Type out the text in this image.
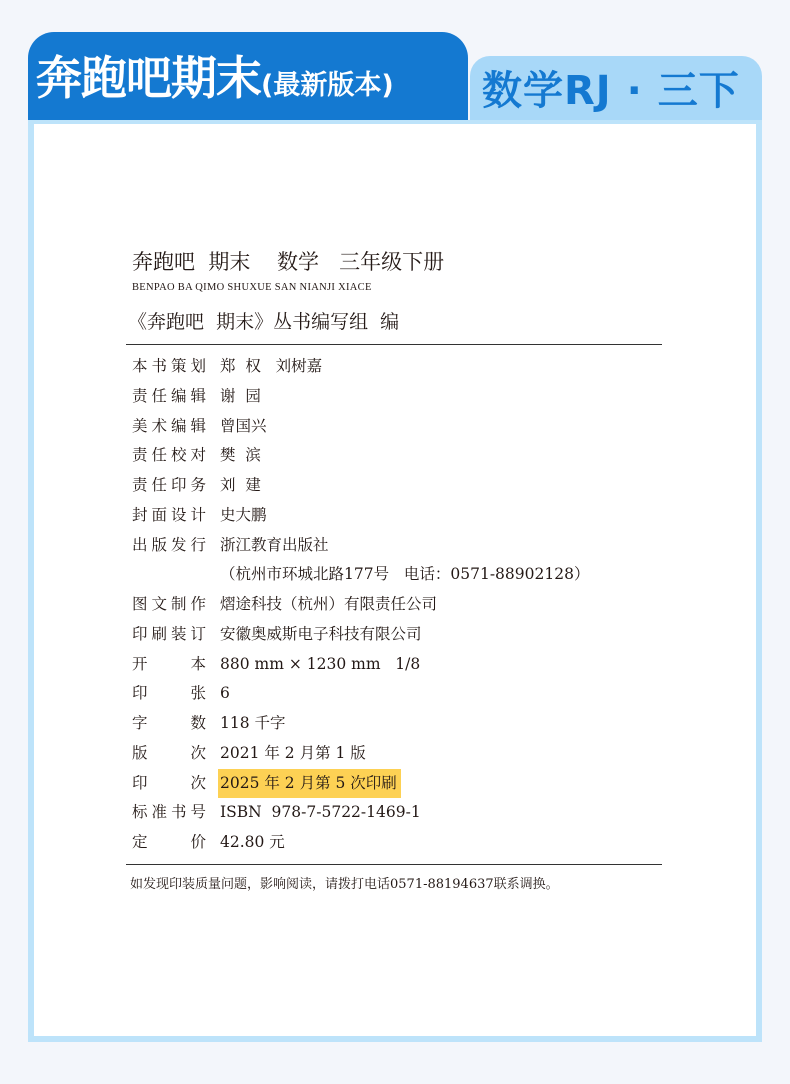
奔跑吧期末(最新版本) 数学RJ · 三下
奔跑吧  期末    数学   三年级下册
BENPAO BA QIMO SHUXUE SAN NIANJI XIACE
《奔跑吧  期末》丛书编写组  编
本书策划 郑  权   刘树嘉
责任编辑 谢  园
美术编辑 曾国兴
责任校对 樊  滨
责任印务 刘  建
封面设计 史大鹏
出版发行 浙江教育出版社
（杭州市环城北路177号   电话：0571-88902128）
图文制作 熠途科技（杭州）有限责任公司
印刷装订 安徽奥威斯电子科技有限公司
开本 880 mm × 1230 mm   1/8
印张 6
字数 118 千字
版次 2021 年 2 月第 1 版
印次 2025 年 2 月第 5 次印刷
标准书号 ISBN  978-7-5722-1469-1
定价 42.80 元
如发现印装质量问题，影响阅读，请拨打电话0571-88194637联系调换。
